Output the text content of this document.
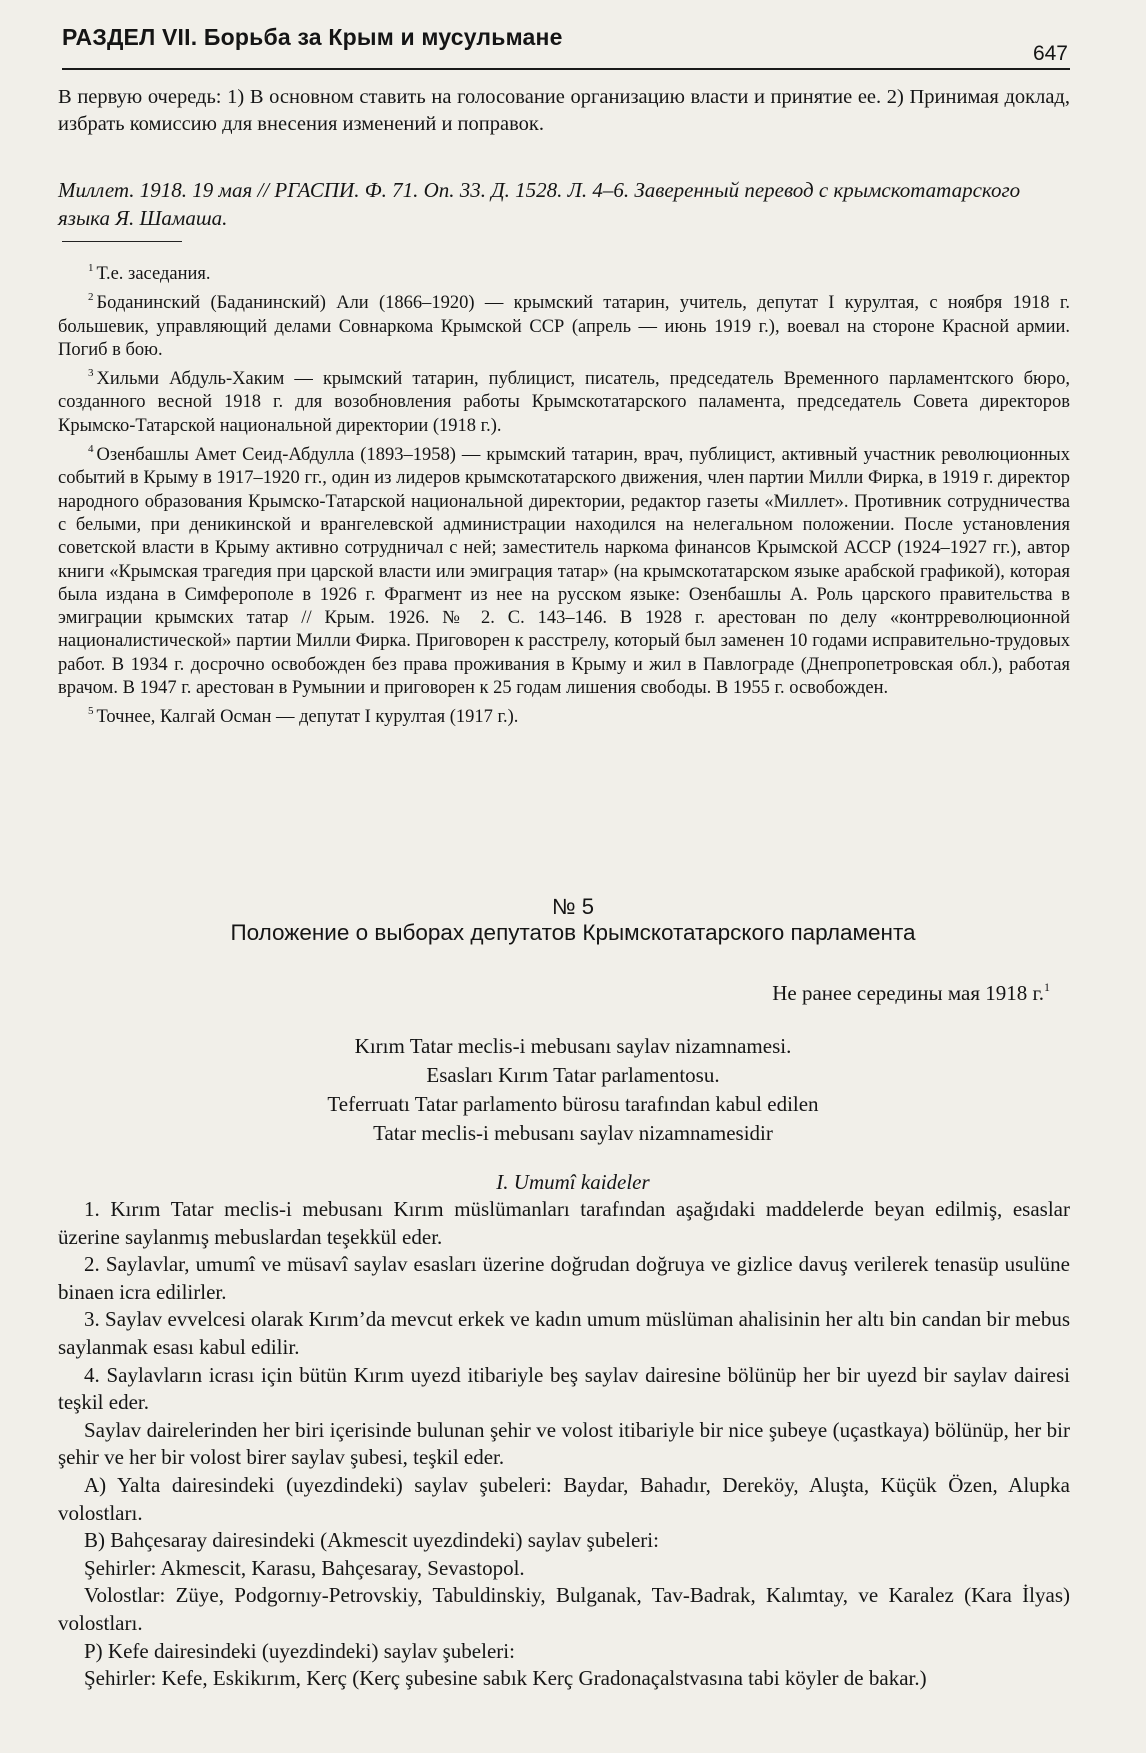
РАЗДЕЛ VII. Борьба за Крым и мусульмане
647

В первую очередь: 1) В основном ставить на голосование организацию власти и принятие ее. 2) Принимая доклад, избрать комиссию для внесения изменений и поправок.

Миллет. 1918. 19 мая // РГАСПИ. Ф. 71. Оп. 33. Д. 1528. Л. 4–6. Заверенный перевод с крымскотатарского языка Я. Шамаша.

$^1$ Т.е. заседания.

$^2$ Боданинский (Баданинский) Али (1866–1920) — крымский татарин, учитель, депутат I курултая, с ноября 1918 г. большевик, управляющий делами Совнаркома Крымской ССР (апрель — июнь 1919 г.), воевал на стороне Красной армии. Погиб в бою.

$^3$ Хильми Абдуль-Хаким — крымский татарин, публицист, писатель, председатель Временного парламентского бюро, созданного весной 1918 г. для возобновления работы Крымскотатарского паламента, председатель Совета директоров Крымско-Татарской национальной директории (1918 г.).

$^4$ Озенбашлы Амет Сеид-Абдулла (1893–1958) — крымский татарин, врач, публицист, активный участник революционных событий в Крыму в 1917–1920 гг., один из лидеров крымскотатарского движения, член партии Милли Фирка, в 1919 г. директор народного образования Крымско-Татарской национальной директории, редактор газеты «Миллет». Противник сотрудничества с белыми, при деникинской и врангелевской администрации находился на нелегальном положении. После установления советской власти в Крыму активно сотрудничал с ней; заместитель наркома финансов Крымской АССР (1924–1927 гг.), автор книги «Крымская трагедия при царской власти или эмиграция татар» (на крымскотатарском языке арабской графикой), которая была издана в Симферополе в 1926 г. Фрагмент из нее на русском языке: Озенбашлы А. Роль царского правительства в эмиграции крымских татар // Крым. 1926. № 2. С. 143–146. В 1928 г. арестован по делу «контрреволюционной националистической» партии Милли Фирка. Приговорен к расстрелу, который был заменен 10 годами исправительно-трудовых работ. В 1934 г. досрочно освобожден без права проживания в Крыму и жил в Павлограде (Днепропетровская обл.), работая врачом. В 1947 г. арестован в Румынии и приговорен к 25 годам лишения свободы. В 1955 г. освобожден.

$^5$ Точнее, Калгай Осман — депутат I курултая (1917 г.).

№ 5
Положение о выборах депутатов Крымскотатарского парламента
Не ранее середины мая 1918 г.$^1$
Kırım Tatar meclis-i mebusanı saylav nizamnamesi.
Esasları Kırım Tatar parlamentosu.
Teferruatı Tatar parlamento bürosu tarafından kabul edilen
Tatar meclis-i mebusanı saylav nizamnamesidir
I. Umumî kaideler

1. Kırım Tatar meclis-i mebusanı Kırım müslümanları tarafından aşağıdaki maddelerde beyan edilmiş, esaslar üzerine saylanmış mebuslardan teşekkül eder.

2. Saylavlar, umumî ve müsavî saylav esasları üzerine doğrudan doğruya ve gizlice davuş verilerek tenasüp usulüne binaen icra edilirler.

3. Saylav evvelcesi olarak Kırım’da mevcut erkek ve kadın umum müslüman ahalisinin her altı bin candan bir mebus saylanmak esası kabul edilir.

4. Saylavların icrası için bütün Kırım uyezd itibariyle beş saylav dairesine bölünüp her bir uyezd bir saylav dairesi teşkil eder.

Saylav dairelerinden her biri içerisinde bulunan şehir ve volost itibariyle bir nice şubeye (uçastkaya) bölünüp, her bir şehir ve her bir volost birer saylav şubesi, teşkil eder.

A) Yalta dairesindeki (uyezdindeki) saylav şubeleri: Baydar, Bahadır, Dereköy, Aluşta, Küçük Özen, Alupka volostları.

B) Bahçesaray dairesindeki (Akmescit uyezdindeki) saylav şubeleri:

Şehirler: Akmescit, Karasu, Bahçesaray, Sevastopol.

Volostlar: Züye, Podgornıy-Petrovskiy, Tabuldinskiy, Bulganak, Tav-Badrak, Kalımtay, ve Karalez (Kara İlyas) volostları.

P) Kefe dairesindeki (uyezdindeki) saylav şubeleri:

Şehirler: Kefe, Eskikırım, Kerç (Kerç şubesine sabık Kerç Gradonaçalstvasına tabi köyler de bakar.)
